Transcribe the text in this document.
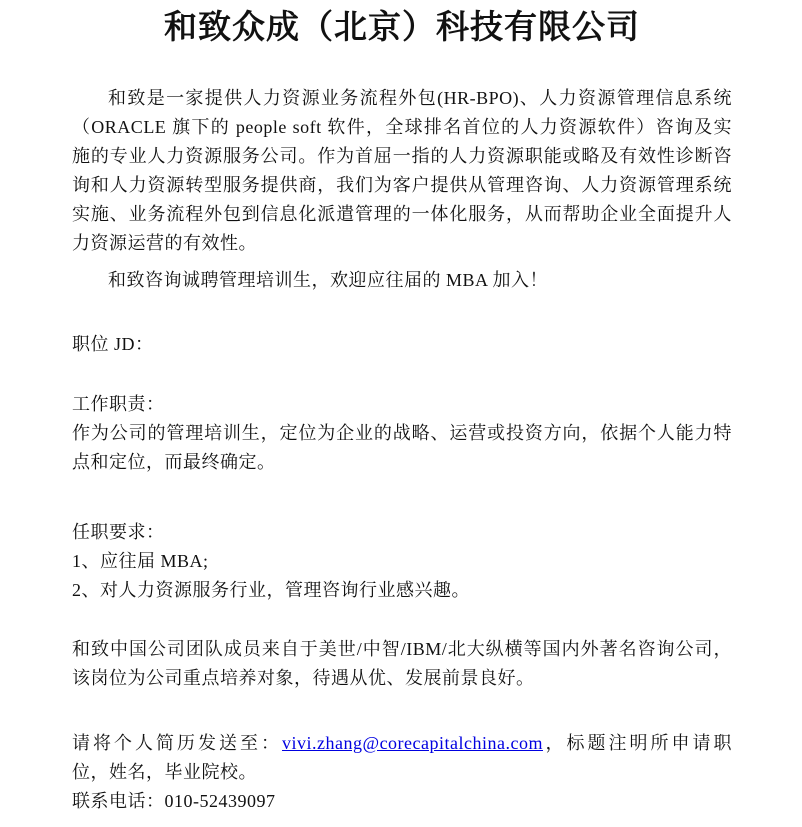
和致众成（北京）科技有限公司
和致是一家提供人力资源业务流程外包(HR-BPO)、人力资源管理信息系统
（ORACLE 旗下的 people soft 软件，全球排名首位的人力资源软件）咨询及实
施的专业人力资源服务公司。作为首屈一指的人力资源职能或略及有效性诊断咨
询和人力资源转型服务提供商，我们为客户提供从管理咨询、人力资源管理系统
实施、业务流程外包到信息化派遣管理的一体化服务，从而帮助企业全面提升人
力资源运营的有效性。
和致咨询诚聘管理培训生，欢迎应往届的 MBA 加入！
职位 JD：
工作职责：
作为公司的管理培训生，定位为企业的战略、运营或投资方向，依据个人能力特
点和定位，而最终确定。
任职要求：
1、应往届 MBA;
2、对人力资源服务行业，管理咨询行业感兴趣。
和致中国公司团队成员来自于美世/中智/IBM/北大纵横等国内外著名咨询公司，
该岗位为公司重点培养对象，待遇从优、发展前景良好。
请将个人简历发送至：vivi.zhang@corecapitalchina.com，标题注明所申请职
位，姓名，毕业院校。
联系电话：010-52439097
